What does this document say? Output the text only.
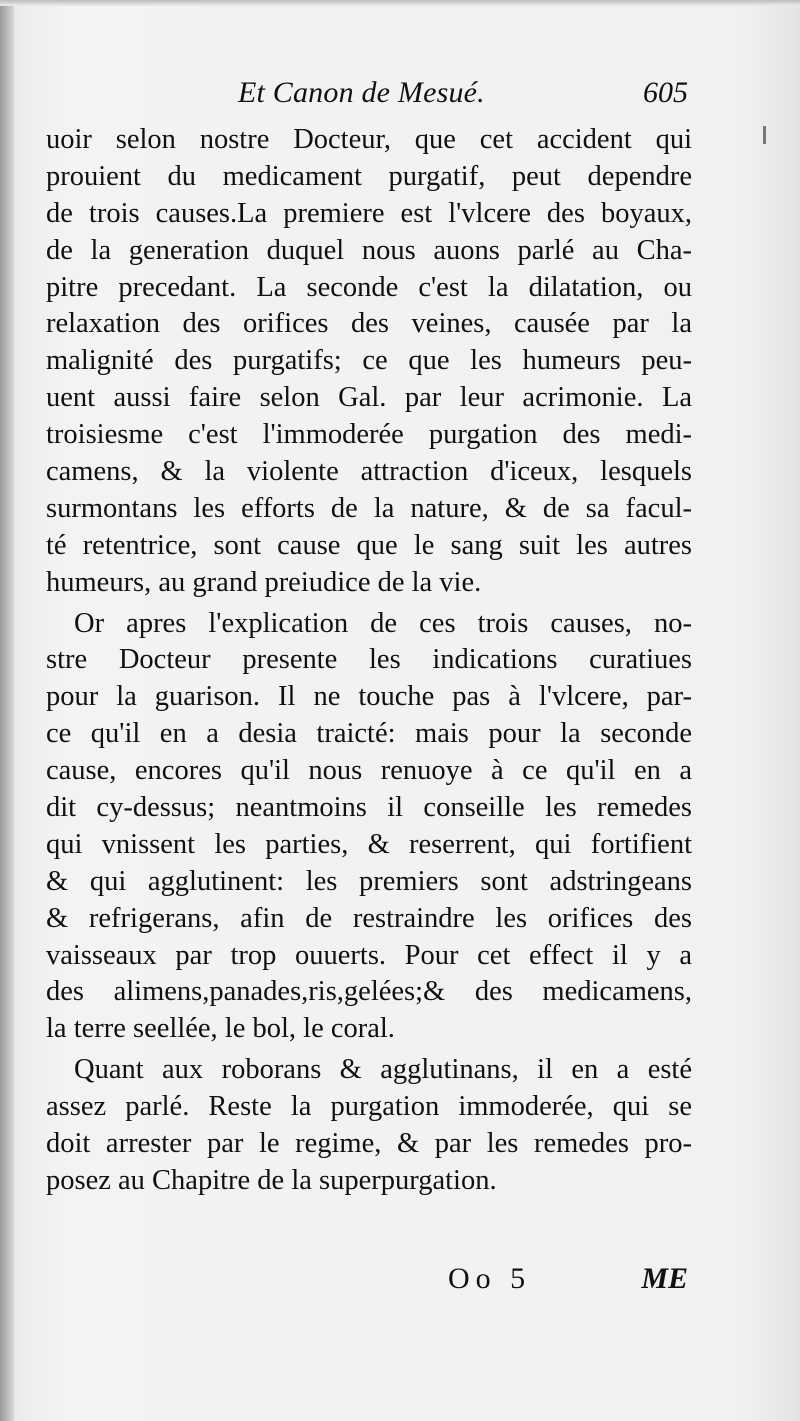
Et Canon de Mesué.	605
uoir selon nostre Docteur, que cet accident qui
prouient du medicament purgatif, peut dependre
de trois causes.La premiere est l'vlcere des boyaux,
de la generation duquel nous auons parlé au Cha-
pitre precedant. La seconde c'est la dilatation, ou
relaxation des orifices des veines, causée par la
malignité des purgatifs; ce que les humeurs peu-
uent aussi faire selon Gal. par leur acrimonie. La
troisiesme c'est l'immoderée purgation des medi-
camens, & la violente attraction d'iceux, lesquels
surmontans les efforts de la nature, & de sa facul-
té retentrice, sont cause que le sang suit les autres
humeurs, au grand preiudice de la vie.
Or apres l'explication de ces trois causes, no-
stre Docteur presente les indications curatiues
pour la guarison. Il ne touche pas à l'vlcere, par-
ce qu'il en a desia traicté: mais pour la seconde
cause, encores qu'il nous renuoye à ce qu'il en a
dit cy-dessus; neantmoins il conseille les remedes
qui vnissent les parties, & reserrent, qui fortifient
& qui agglutinent: les premiers sont adstringeans
& refrigerans, afin de restraindre les orifices des
vaisseaux par trop ouuerts. Pour cet effect il y a
des alimens,panades,ris,gelées;& des medicamens,
la terre seellée, le bol, le coral.
Quant aux roborans & agglutinans, il en a esté
assez parlé. Reste la purgation immoderée, qui se
doit arrester par le regime, & par les remedes pro-
posez au Chapitre de la superpurgation.
Oo 5	ME
